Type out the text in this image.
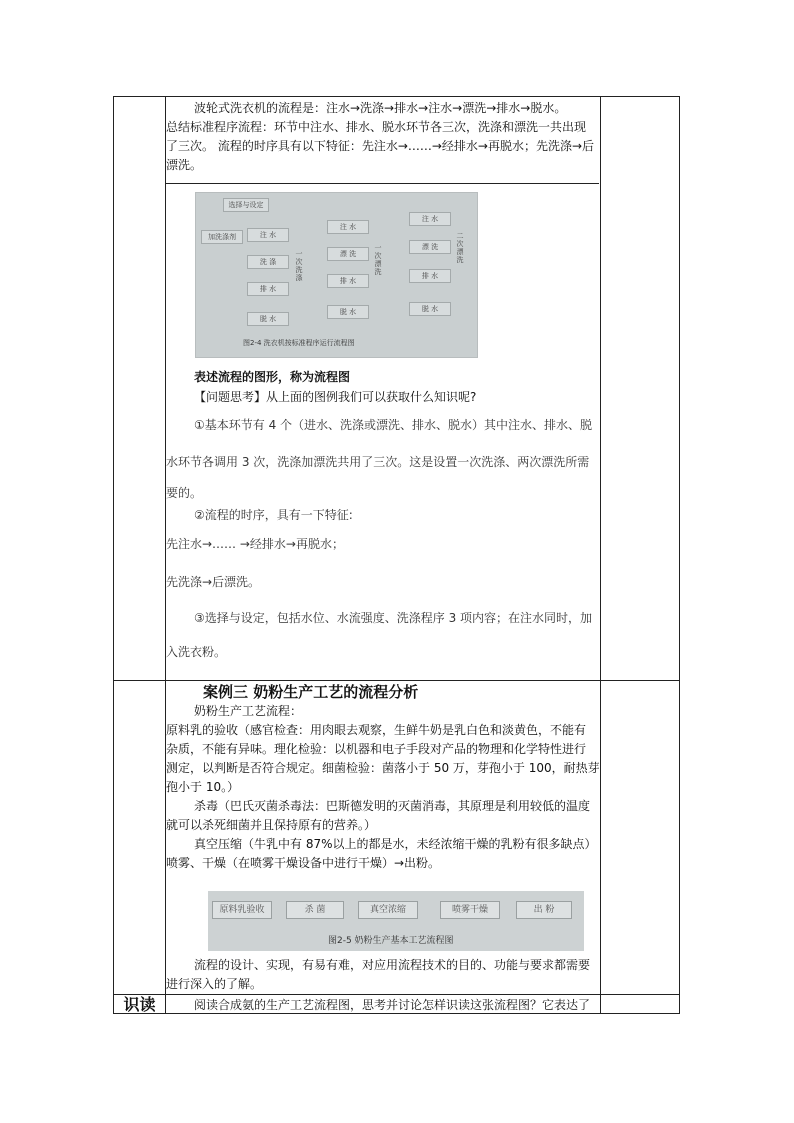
波轮式洗衣机的流程是：注水→洗涤→排水→注水→漂洗→排水→脱水。

总结标准程序流程：环节中注水、排水、脱水环节各三次，洗涤和漂洗一共出现

了三次。 流程的时序具有以下特征：先注水→……→经排水→再脱水；先洗涤→后

漂洗。

选择与设定
加洗涤剂	注 水
洗 涤
排 水
脱 水
一次洗涤
注 水
漂 洗
排 水
脱 水
一次漂洗
注 水
漂 洗
排 水
脱 水
二次漂洗
图2-4 洗衣机按标准程序运行流程图

表述流程的图形，称为流程图

【问题思考】从上面的图例我们可以获取什么知识呢?

①基本环节有 4 个（进水、洗涤或漂洗、排水、脱水）其中注水、排水、脱

水环节各调用 3 次，洗涤加漂洗共用了三次。这是设置一次洗涤、两次漂洗所需

要的。

②流程的时序，具有一下特征:

先注水→…… →经排水→再脱水；

先洗涤→后漂洗。

③选择与设定，包括水位、水流强度、洗涤程序 3 项内容；在注水同时，加

入洗衣粉。

案例三 奶粉生产工艺的流程分析

奶粉生产工艺流程：

原料乳的验收（感官检查：用肉眼去观察，生鲜牛奶是乳白色和淡黄色，不能有

杂质，不能有异味。理化检验：以机器和电子手段对产品的物理和化学特性进行

测定，以判断是否符合规定。细菌检验：菌落小于 50 万，芽孢小于 100，耐热芽

孢小于 10。）

杀毒（巴氏灭菌杀毒法：巴斯德发明的灭菌消毒，其原理是利用较低的温度

就可以杀死细菌并且保持原有的营养。）

真空压缩（牛乳中有 87%以上的都是水，未经浓缩干燥的乳粉有很多缺点）

喷雾、干燥（在喷雾干燥设备中进行干燥）→出粉。

原料乳验收	杀 菌	真空浓缩	喷雾干燥	出 粉
图2-5 奶粉生产基本工艺流程图

流程的设计、实现，有易有难，对应用流程技术的目的、功能与要求都需要

进行深入的了解。

识读	阅读合成氨的生产工艺流程图，思考并讨论怎样识读这张流程图？它表达了
